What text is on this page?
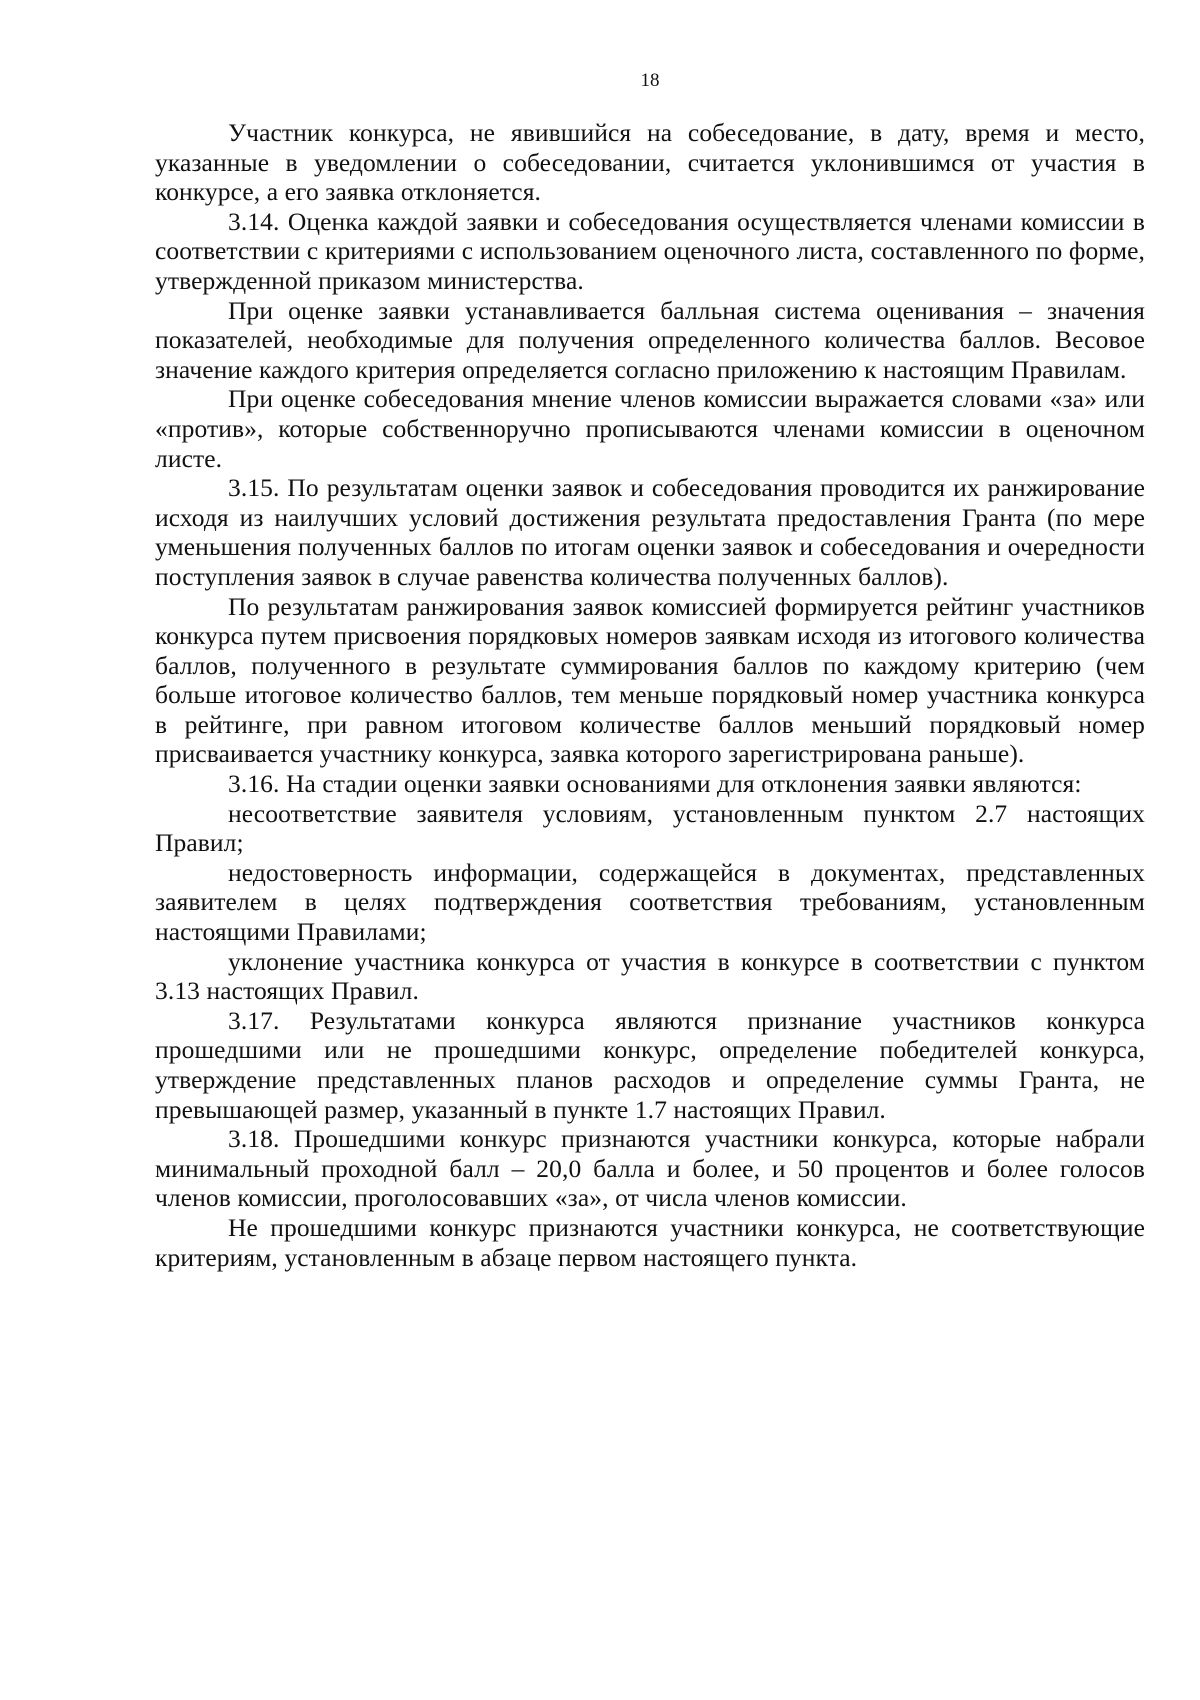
18

Участник конкурса, не явившийся на собеседование, в дату, время и место, указанные в уведомлении о собеседовании, считается уклонившимся от участия в конкурсе, а его заявка отклоняется.

3.14. Оценка каждой заявки и собеседования осуществляется членами комиссии в соответствии с критериями с использованием оценочного листа, составленного по форме, утвержденной приказом министерства.

При оценке заявки устанавливается балльная система оценивания – значения показателей, необходимые для получения определенного количества баллов. Весовое значение каждого критерия определяется согласно приложению к настоящим Правилам.

При оценке собеседования мнение членов комиссии выражается словами «за» или «против», которые собственноручно прописываются членами комиссии в оценочном листе.

3.15. По результатам оценки заявок и собеседования проводится их ранжирование исходя из наилучших условий достижения результата предоставления Гранта (по мере уменьшения полученных баллов по итогам оценки заявок и собеседования и очередности поступления заявок в случае равенства количества полученных баллов).

По результатам ранжирования заявок комиссией формируется рейтинг участников конкурса путем присвоения порядковых номеров заявкам исходя из итогового количества баллов, полученного в результате суммирования баллов по каждому критерию (чем больше итоговое количество баллов, тем меньше порядковый номер участника конкурса в рейтинге, при равном итоговом количестве баллов меньший порядковый номер присваивается участнику конкурса, заявка которого зарегистрирована раньше).

3.16. На стадии оценки заявки основаниями для отклонения заявки являются:

несоответствие заявителя условиям, установленным пунктом 2.7 настоящих Правил;

недостоверность информации, содержащейся в документах, представленных заявителем в целях подтверждения соответствия требованиям, установленным настоящими Правилами;

уклонение участника конкурса от участия в конкурсе в соответствии с пунктом 3.13 настоящих Правил.

3.17. Результатами конкурса являются признание участников конкурса прошедшими или не прошедшими конкурс, определение победителей конкурса, утверждение представленных планов расходов и определение суммы Гранта, не превышающей размер, указанный в пункте 1.7 настоящих Правил.

3.18. Прошедшими конкурс признаются участники конкурса, которые набрали минимальный проходной балл – 20,0 балла и более, и 50 процентов и более голосов членов комиссии, проголосовавших «за», от числа членов комиссии.

Не прошедшими конкурс признаются участники конкурса, не соответствующие критериям, установленным в абзаце первом настоящего пункта.
